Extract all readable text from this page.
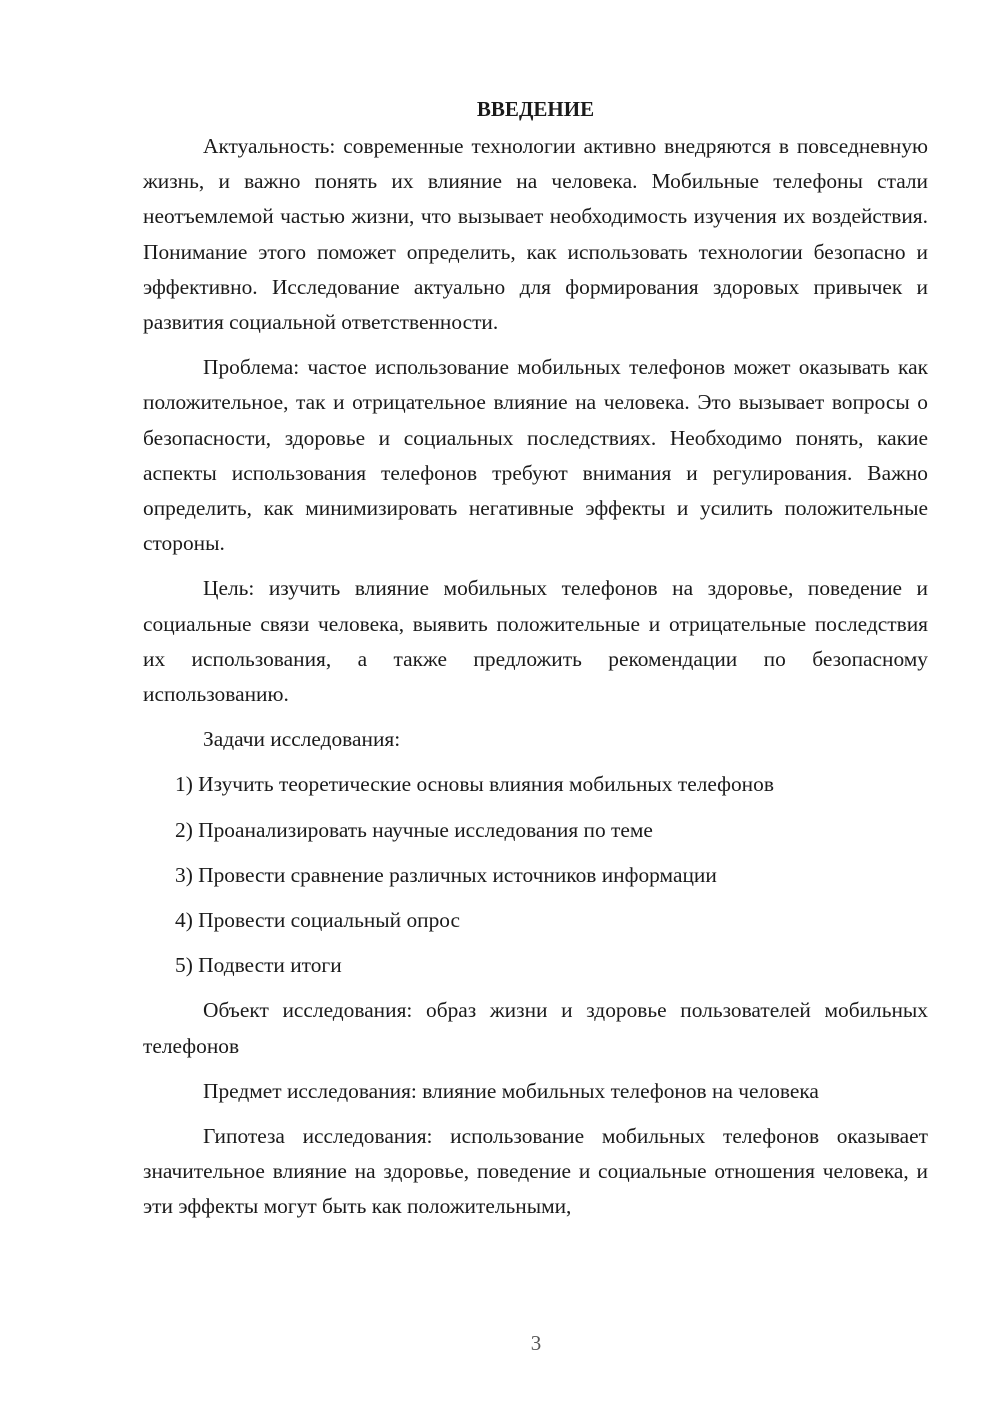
ВВЕДЕНИЕ

Актуальность: современные технологии активно внедряются в повседневную жизнь, и важно понять их влияние на человека. Мобильные телефоны стали неотъемлемой частью жизни, что вызывает необходимость изучения их воздействия. Понимание этого поможет определить, как использовать технологии безопасно и эффективно. Исследование актуально для формирования здоровых привычек и развития социальной ответственности.

Проблема: частое использование мобильных телефонов может оказывать как положительное, так и отрицательное влияние на человека. Это вызывает вопросы о безопасности, здоровье и социальных последствиях. Необходимо понять, какие аспекты использования телефонов требуют внимания и регулирования. Важно определить, как минимизировать негативные эффекты и усилить положительные стороны.

Цель: изучить влияние мобильных телефонов на здоровье, поведение и социальные связи человека, выявить положительные и отрицательные последствия их использования, а также предложить рекомендации по безопасному использованию.

Задачи исследования:

1) Изучить теоретические основы влияния мобильных телефонов
2) Проанализировать научные исследования по теме
3) Провести сравнение различных источников информации
4) Провести социальный опрос
5) Подвести итоги

Объект исследования: образ жизни и здоровье пользователей мобильных телефонов

Предмет исследования: влияние мобильных телефонов на человека

Гипотеза исследования: использование мобильных телефонов оказывает значительное влияние на здоровье, поведение и социальные отношения человека, и эти эффекты могут быть как положительными,

3
